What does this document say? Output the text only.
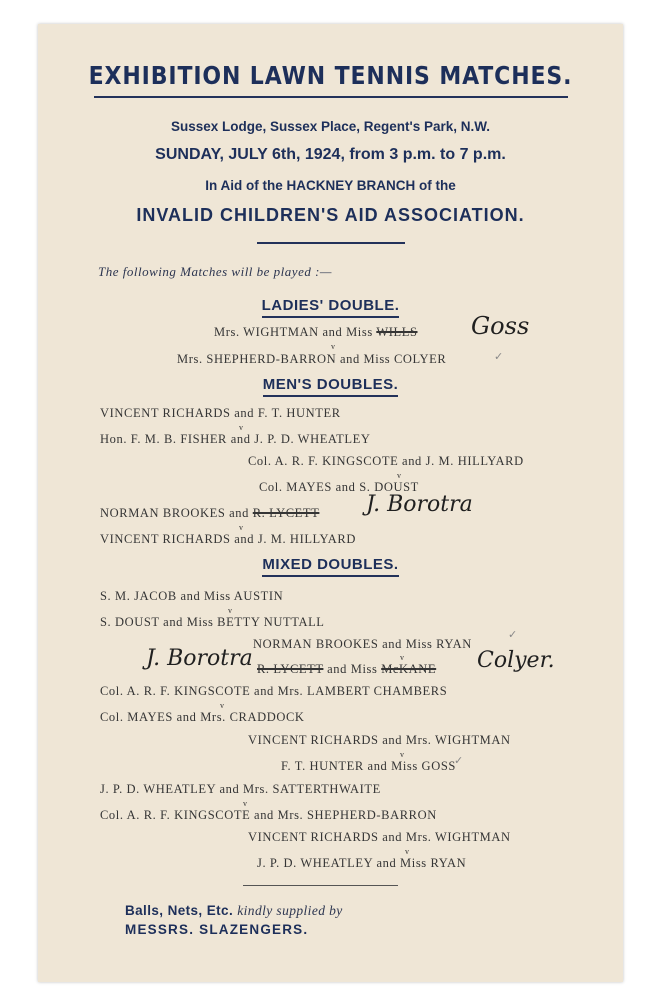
EXHIBITION LAWN TENNIS MATCHES.
Sussex Lodge, Sussex Place, Regent's Park, N.W.
SUNDAY, JULY 6th, 1924, from 3 p.m. to 7 p.m.
In Aid of the HACKNEY BRANCH of the
INVALID CHILDREN'S AID ASSOCIATION.
The following Matches will be played :—
LADIES' DOUBLE.
Mrs. WIGHTMAN and Miss WILLS Goss
v
Mrs. SHEPHERD-BARRON and Miss COLYER	✓
MEN'S DOUBLES.
VINCENT RICHARDS and F. T. HUNTER
v
Hon. F. M. B. FISHER and J. P. D. WHEATLEY
Col. A. R. F. KINGSCOTE and J. M. HILLYARD
v
Col. MAYES and S. DOUST
NORMAN BROOKES and R. LYCETT J. Borotra
v
VINCENT RICHARDS and J. M. HILLYARD
MIXED DOUBLES.
S. M. JACOB and Miss AUSTIN
v
S. DOUST and Miss BETTY NUTTALL
NORMAN BROOKES and Miss RYAN
✓
v
J. Borotra R. LYCETT and Miss McKANE Colyer.
Col. A. R. F. KINGSCOTE and Mrs. LAMBERT CHAMBERS
v
Col. MAYES and Mrs. CRADDOCK
VINCENT RICHARDS and Mrs. WIGHTMAN
v
F. T. HUNTER and Miss GOSS
✓
J. P. D. WHEATLEY and Mrs. SATTERTHWAITE
v
Col. A. R. F. KINGSCOTE and Mrs. SHEPHERD-BARRON
VINCENT RICHARDS and Mrs. WIGHTMAN
v
J. P. D. WHEATLEY and Miss RYAN
Balls, Nets, Etc. kindly supplied by
MESSRS. SLAZENGERS.
